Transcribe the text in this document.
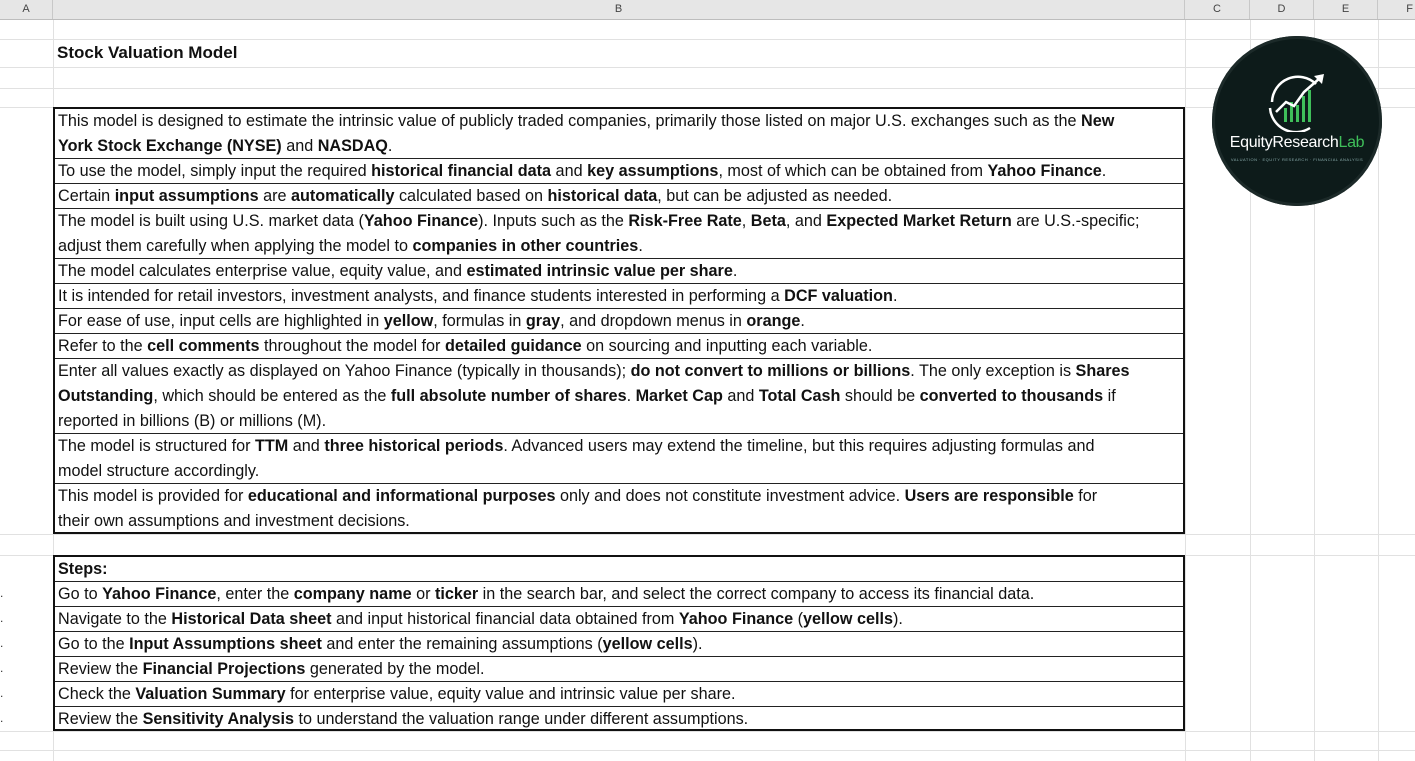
A	B	C	D	E	F
Stock Valuation Model
This model is designed to estimate the intrinsic value of publicly traded companies, primarily those listed on major U.S. exchanges such as the New
York Stock Exchange (NYSE) and NASDAQ.
To use the model, simply input the required historical financial data and key assumptions, most of which can be obtained from Yahoo Finance.
Certain input assumptions are automatically calculated based on historical data, but can be adjusted as needed.
The model is built using U.S. market data (Yahoo Finance). Inputs such as the Risk-Free Rate, Beta, and Expected Market Return are U.S.-specific;
adjust them carefully when applying the model to companies in other countries.
The model calculates enterprise value, equity value, and estimated intrinsic value per share.
It is intended for retail investors, investment analysts, and finance students interested in performing a DCF valuation.
For ease of use, input cells are highlighted in yellow, formulas in gray, and dropdown menus in orange.
Refer to the cell comments throughout the model for detailed guidance on sourcing and inputting each variable.
Enter all values exactly as displayed on Yahoo Finance (typically in thousands); do not convert to millions or billions. The only exception is Shares
Outstanding, which should be entered as the full absolute number of shares. Market Cap and Total Cash should be converted to thousands if
reported in billions (B) or millions (M).
The model is structured for TTM and three historical periods. Advanced users may extend the timeline, but this requires adjusting formulas and
model structure accordingly.
This model is provided for educational and informational purposes only and does not constitute investment advice. Users are responsible for
their own assumptions and investment decisions.
Steps:
Go to Yahoo Finance, enter the company name or ticker in the search bar, and select the correct company to access its financial data.
Navigate to the Historical Data sheet and input historical financial data obtained from Yahoo Finance (yellow cells).
Go to the Input Assumptions sheet and enter the remaining assumptions (yellow cells).
Review the Financial Projections generated by the model.
Check the Valuation Summary for enterprise value, equity value and intrinsic value per share.
Review the Sensitivity Analysis to understand the valuation range under different assumptions.
.
.
.
.
.
.
EquityResearchLab
VALUATION · EQUITY RESEARCH · FINANCIAL ANALYSIS
